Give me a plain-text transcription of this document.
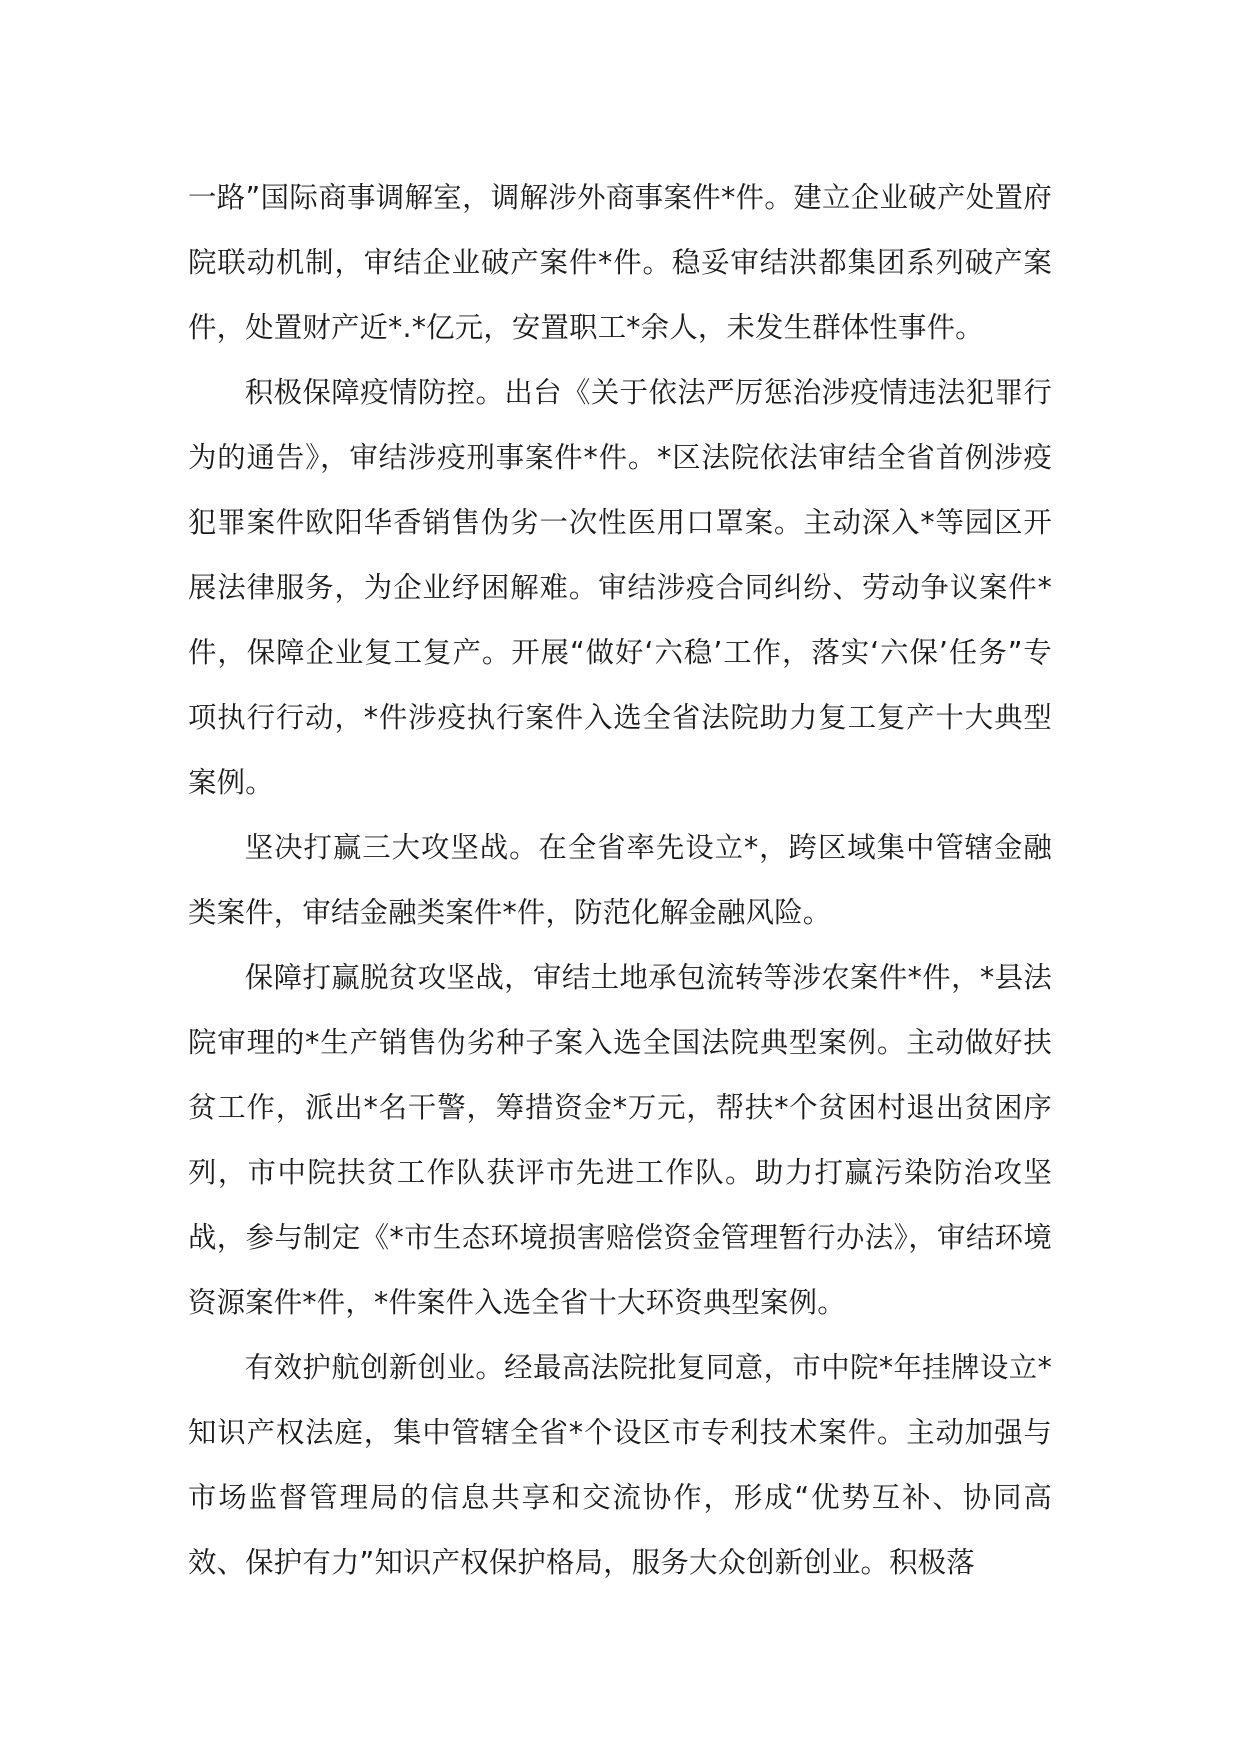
一路”国际商事调解室，调解涉外商事案件*件。建立企业破产处置府院联动机制，审结企业破产案件*件。稳妥审结洪都集团系列破产案件，处置财产近*.*亿元，安置职工*余人，未发生群体性事件。

积极保障疫情防控。出台《关于依法严厉惩治涉疫情违法犯罪行为的通告》，审结涉疫刑事案件*件。*区法院依法审结全省首例涉疫犯罪案件欧阳华香销售伪劣一次性医用口罩案。主动深入*等园区开展法律服务，为企业纾困解难。审结涉疫合同纠纷、劳动争议案件*件，保障企业复工复产。开展“做好‘六稳’工作，落实‘六保’任务”专项执行行动，*件涉疫执行案件入选全省法院助力复工复产十大典型案例。

坚决打赢三大攻坚战。在全省率先设立*，跨区域集中管辖金融类案件，审结金融类案件*件，防范化解金融风险。

保障打赢脱贫攻坚战，审结土地承包流转等涉农案件*件，*县法院审理的*生产销售伪劣种子案入选全国法院典型案例。主动做好扶贫工作，派出*名干警，筹措资金*万元，帮扶*个贫困村退出贫困序列，市中院扶贫工作队获评市先进工作队。助力打赢污染防治攻坚战，参与制定《*市生态环境损害赔偿资金管理暂行办法》，审结环境资源案件*件，*件案件入选全省十大环资典型案例。

有效护航创新创业。经最高法院批复同意，市中院*年挂牌设立*知识产权法庭，集中管辖全省*个设区市专利技术案件。主动加强与市场监督管理局的信息共享和交流协作，形成“优势互补、协同高效、保护有力”知识产权保护格局，服务大众创新创业。积极落
